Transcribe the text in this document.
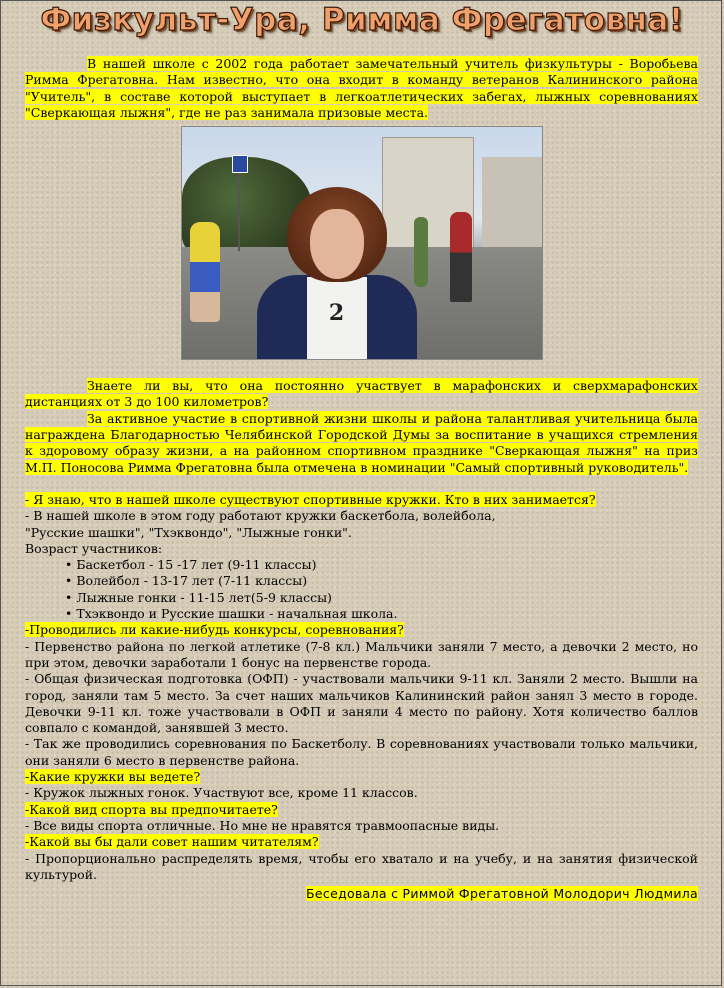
Физкульт-Ура, Римма Фрегатовна!

В нашей школе с 2002 года работает замечательный учитель физкультуры - Воробьева Римма Фрегатовна. Нам известно, что она входит в команду ветеранов Калининского района "Учитель", в составе которой выступает в легкоатлетических забегах, лыжных соревнованиях "Сверкающая лыжня", где не раз занимала призовые места.

2

Знаете ли вы, что она постоянно участвует в марафонских и сверхмарафонских дистанциях от 3 до 100 километров?

За активное участие в спортивной жизни школы и района талантливая учительница была награждена Благодарностью Челябинской Городской Думы за воспитание в учащихся стремления к здоровому образу жизни, а на районном спортивном празднике "Сверкающая лыжня" на приз М.П. Поносова Римма Фрегатовна была отмечена в номинации "Самый спортивный руководитель".

- Я знаю, что в нашей школе существуют спортивные кружки. Кто в них занимается?

- В нашей школе в этом году работают кружки баскетбола, волейбола,

"Русские шашки", "Тхэквондо", "Лыжные гонки".

Возраст участников:

• Баскетбол - 15 -17 лет (9-11 классы)
• Волейбол - 13-17 лет (7-11 классы)
• Лыжные гонки - 11-15 лет(5-9 классы)
• Тхэквондо и Русские шашки - начальная школа.

-Проводились ли какие-нибудь конкурсы, соревнования?

- Первенство района по легкой атлетике (7-8 кл.) Мальчики заняли 7 место, а девочки 2 место, но при этом, девочки заработали 1 бонус на первенстве города.

- Общая физическая подготовка (ОФП) - участвовали мальчики 9-11 кл. Заняли 2 место. Вышли на город, заняли там 5 место. За счет наших мальчиков Калининский район занял 3 место в городе. Девочки 9-11 кл. тоже участвовали в ОФП и заняли 4 место по району. Хотя количество баллов совпало с командой, занявшей 3 место.

- Так же проводились соревнования по Баскетболу. В соревнованиях участвовали только мальчики, они заняли 6 место в первенстве района.

-Какие кружки вы ведете?

- Кружок лыжных гонок. Участвуют все, кроме 11 классов.

-Какой вид спорта вы предпочитаете?

- Все виды спорта отличные. Но мне не нравятся травмоопасные виды.

-Какой вы бы дали совет нашим читателям?

- Пропорционально распределять время, чтобы его хватало и на учебу, и на занятия физической культурой.

Беседовала с Риммой Фрегатовной Молодорич Людмила
